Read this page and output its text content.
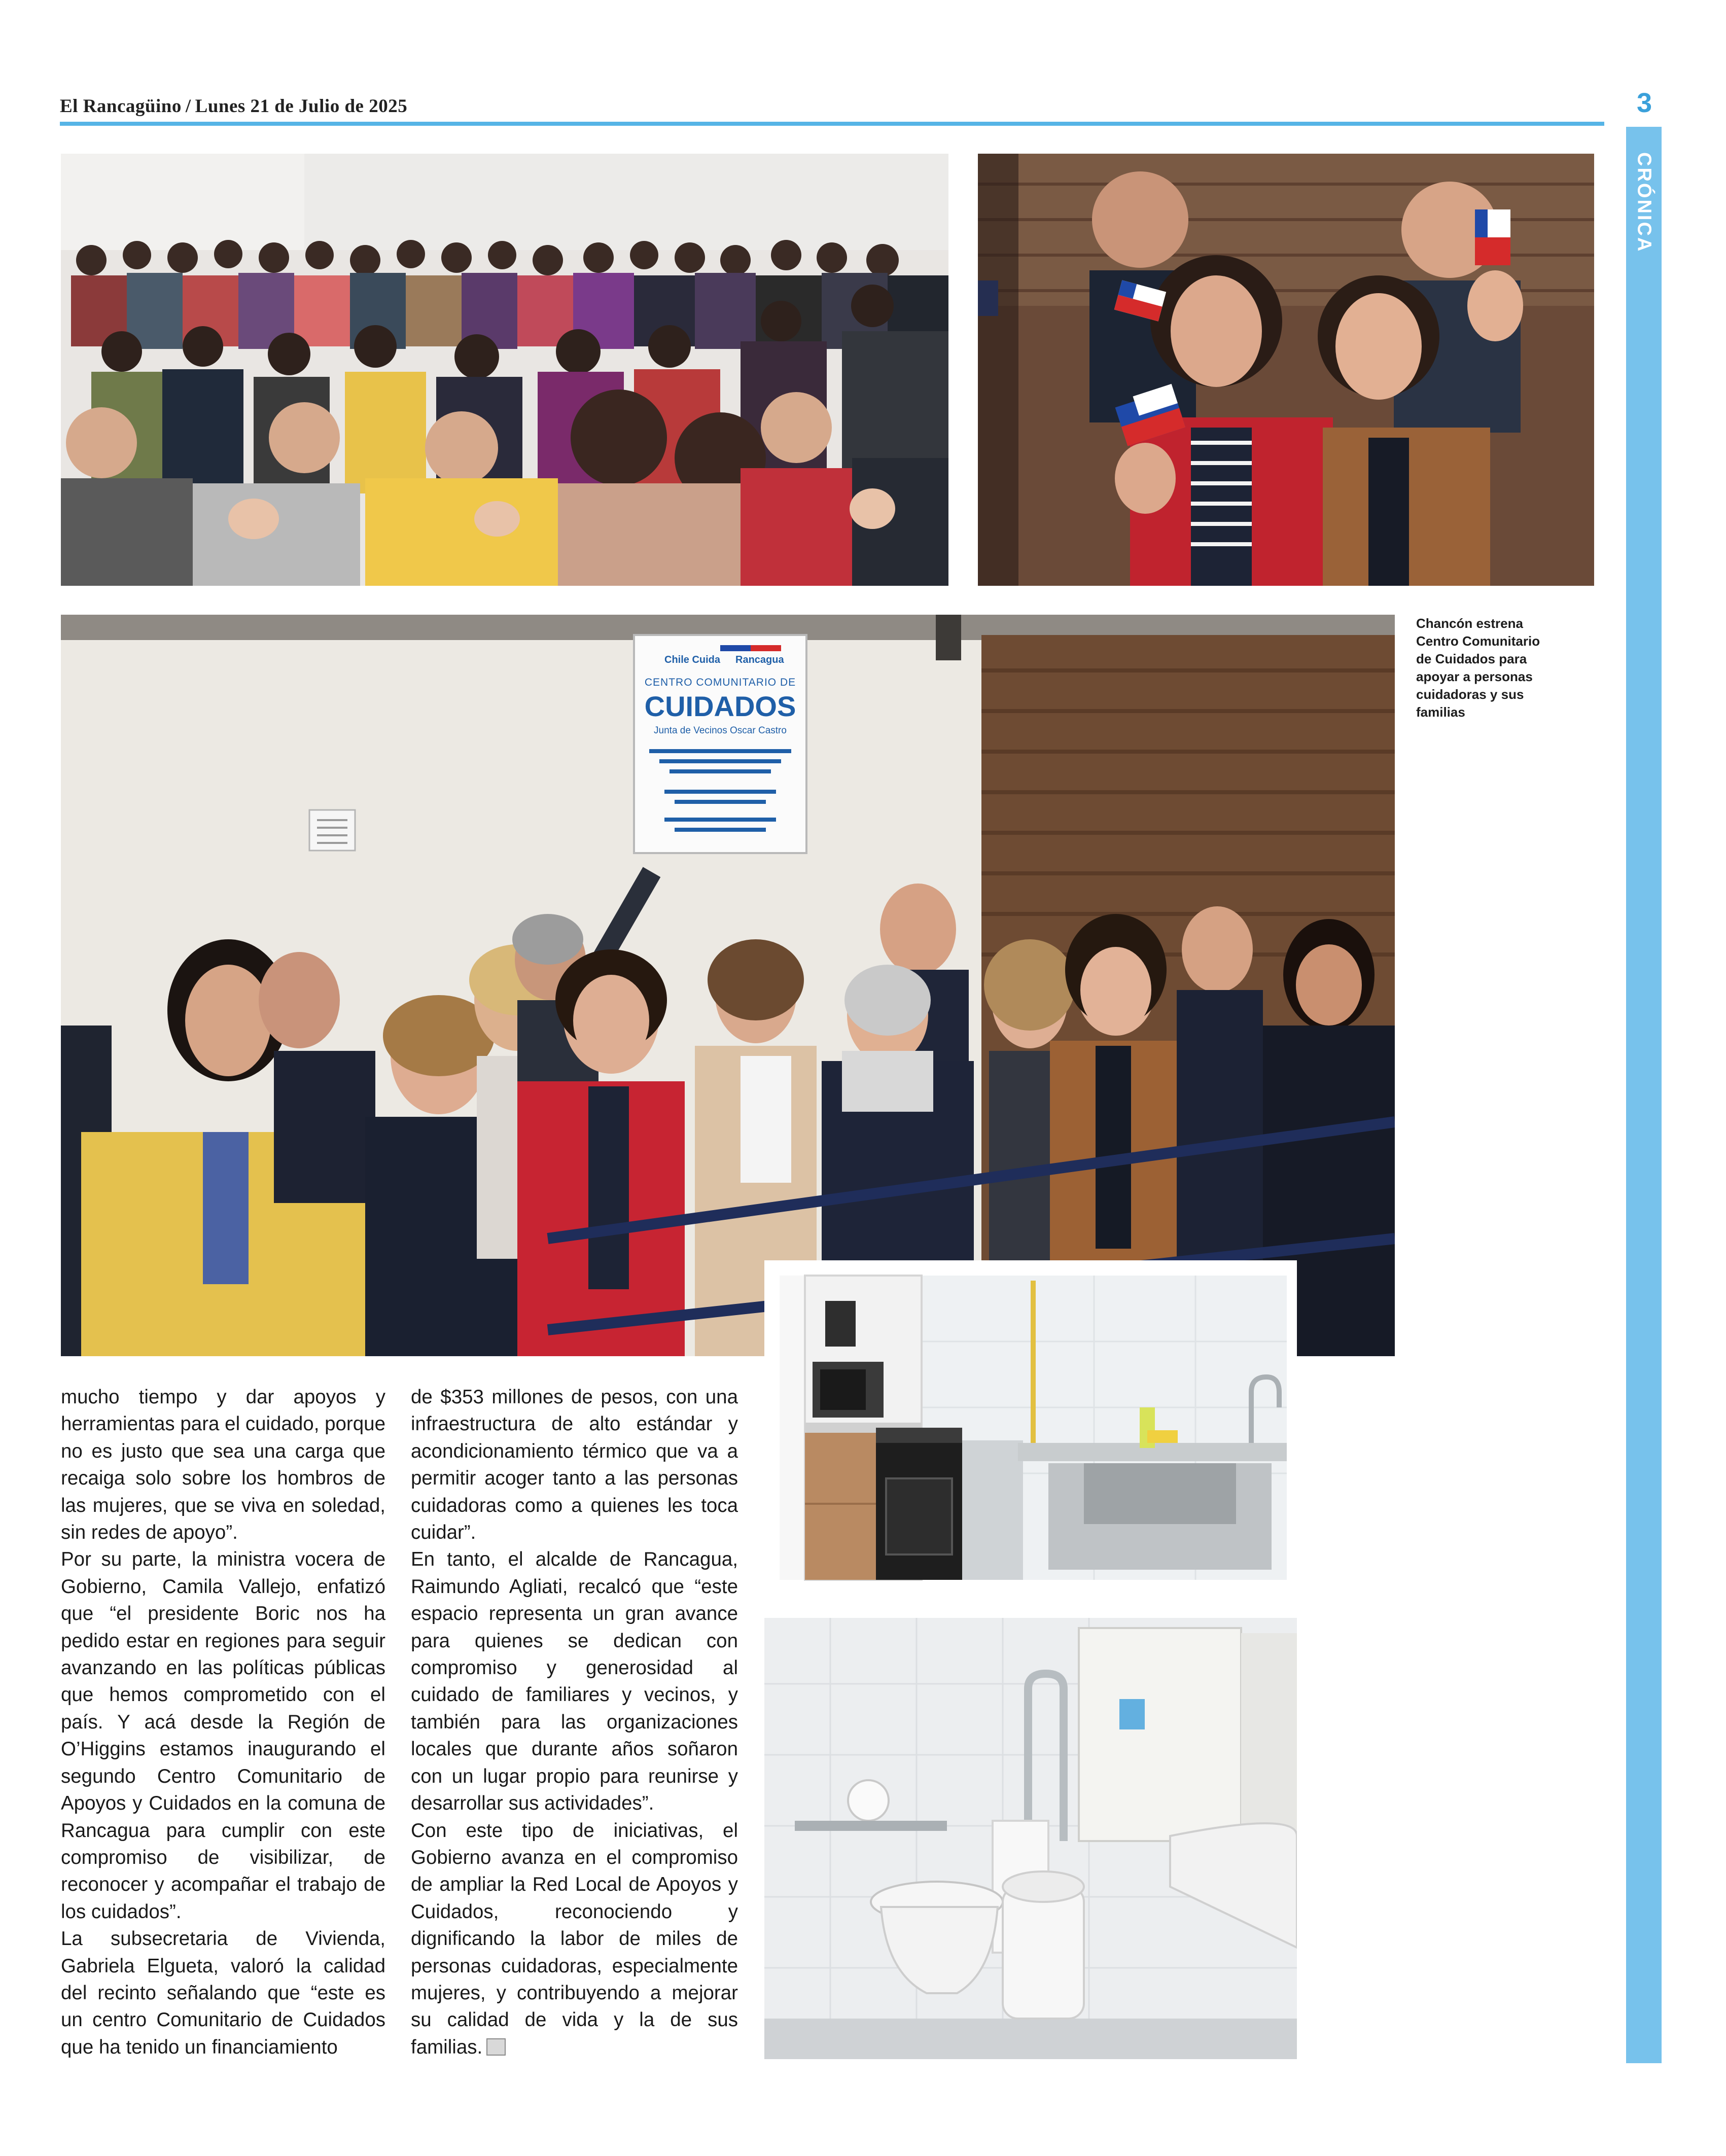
El Rancagüino / Lunes 21 de Julio de 2025	3
CRÓNICA
Chile Cuida Rancagua
CENTRO COMUNITARIO DE
CUIDADOS
Junta de Vecinos Oscar Castro
Chancón estrena Centro Comunitario de Cuidados para apoyar a personas cuidadoras y sus familias

mucho tiempo y dar apoyos y herramientas para el cuidado, porque no es justo que sea una carga que recaiga solo sobre los hombros de las mujeres, que se viva en soledad, sin redes de apoyo”.

Por su parte, la ministra vocera de Gobierno, Camila Vallejo, enfatizó que “el presidente Boric nos ha pedido estar en regiones para seguir avanzando en las políticas públicas que hemos comprometido con el país. Y acá desde la Región de O’Higgins estamos inaugurando el segundo Centro Comunitario de Apoyos y Cuidados en la comuna de Rancagua para cumplir con este compromiso de visibilizar, de reconocer y acompañar el trabajo de los cuidados”.

La subsecretaria de Vivienda, Gabriela Elgueta, valoró la calidad del recinto señalando que “este es un centro Comunitario de Cuidados que ha tenido un financiamiento

de $353 millones de pesos, con una infraestructura de alto estándar y acondicionamiento térmico que va a permitir acoger tanto a las personas cuidadoras como a quienes les toca cuidar”.

En tanto, el alcalde de Rancagua, Raimundo Agliati, recalcó que “este espacio representa un gran avance para quienes se dedican con compromiso y generosidad al cuidado de familiares y vecinos, y también para las organizaciones locales que durante años soñaron con un lugar propio para reunirse y desarrollar sus actividades”.

Con este tipo de iniciativas, el Gobierno avanza en el compromiso de ampliar la Red Local de Apoyos y Cuidados, reconociendo y dignificando la labor de miles de personas cuidadoras, especialmente mujeres, y contribuyendo a mejorar su calidad de vida y la de sus familias.
